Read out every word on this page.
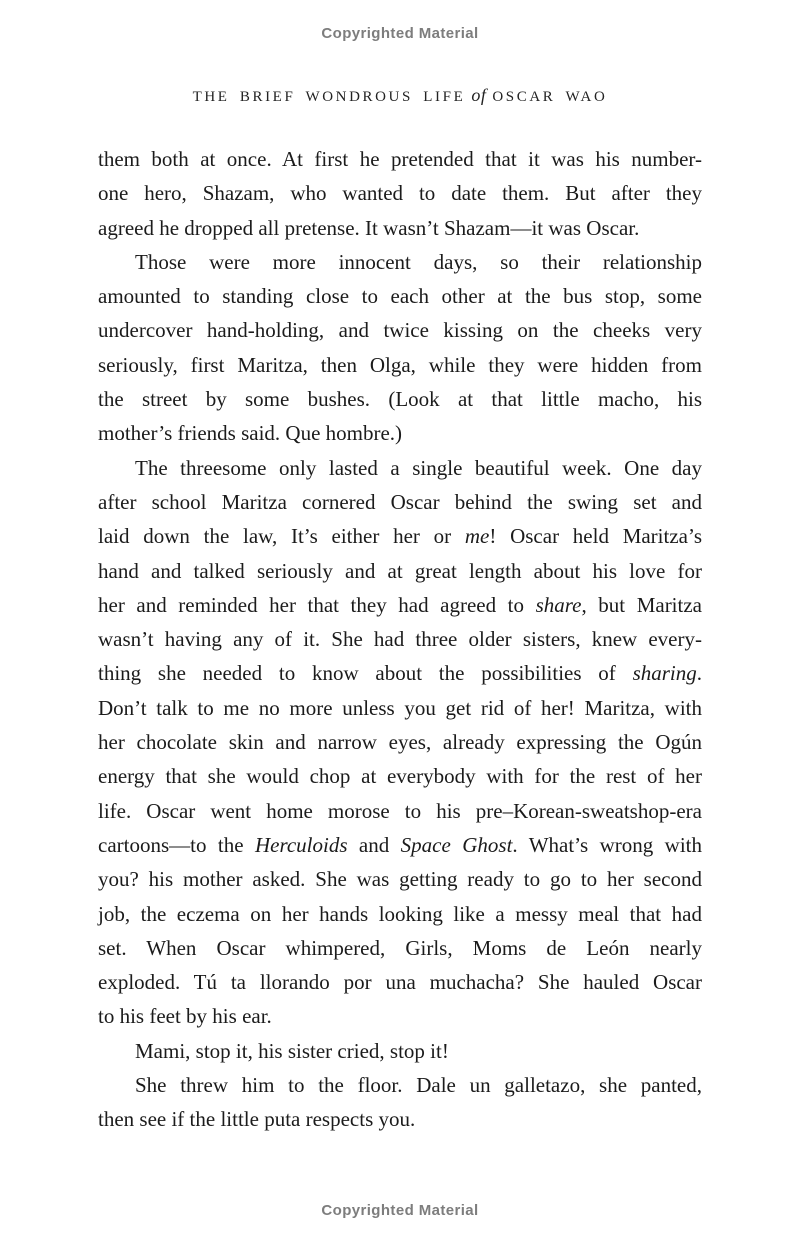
Copyrighted Material
THE BRIEF WONDROUS LIFE of OSCAR WAO
them both at once. At first he pretended that it was his number-
one hero, Shazam, who wanted to date them. But after they
agreed he dropped all pretense. It wasn’t Shazam—it was Oscar.
Those were more innocent days, so their relationship
amounted to standing close to each other at the bus stop, some
undercover hand-holding, and twice kissing on the cheeks very
seriously, first Maritza, then Olga, while they were hidden from
the street by some bushes. (Look at that little macho, his
mother’s friends said. Que hombre.)
The threesome only lasted a single beautiful week. One day
after school Maritza cornered Oscar behind the swing set and
laid down the law, It’s either her or me! Oscar held Maritza’s
hand and talked seriously and at great length about his love for
her and reminded her that they had agreed to share, but Maritza
wasn’t having any of it. She had three older sisters, knew every-
thing she needed to know about the possibilities of sharing.
Don’t talk to me no more unless you get rid of her! Maritza, with
her chocolate skin and narrow eyes, already expressing the Ogún
energy that she would chop at everybody with for the rest of her
life. Oscar went home morose to his pre–Korean-sweatshop-era
cartoons—to the Herculoids and Space Ghost. What’s wrong with
you? his mother asked. She was getting ready to go to her second
job, the eczema on her hands looking like a messy meal that had
set. When Oscar whimpered, Girls, Moms de León nearly
exploded. Tú ta llorando por una muchacha? She hauled Oscar
to his feet by his ear.
Mami, stop it, his sister cried, stop it!
She threw him to the floor. Dale un galletazo, she panted,
then see if the little puta respects you.
Copyrighted Material
